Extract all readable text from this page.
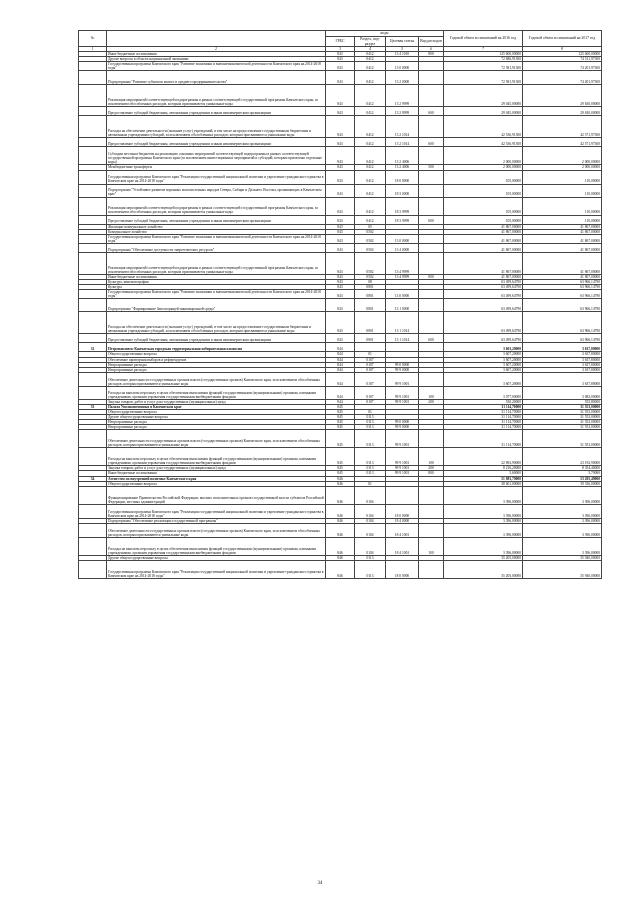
№		коды				Годовой объем ассигнований на 2016 год	Годовой объем ассигнований на 2017 год
		ГРБС	Раздел, под-раздел	Целевая статья	Вид расходов		
1	2	3	4	5	6	7	8
	Иные бюджетные ассигнования	843	0412	13 4 1010	800	125 600,00000	125 600,00000
	Другие вопросы в области национальной экономики	843	0412			72 686,91300	74 511,97300
	Государственная программа Камчатского края "Развитие экономики и внешнеэкономической деятельности Камчатского края на 2014-2018 годы"	843	0412	13 0 0000		72 581,91300	74 201,97300
	Подпрограмма "Развитие субъектов малого и среднего предпринимательства"	843	0412	13 2 0000		72 581,91300	74 201,97300
	Реализация мероприятий соответствующей подпрограммы в рамках соответствующей государственной программы Камчатского края, за исключением обособленных расходов, которым присваиваются уникальные коды	843	0412	13 2 9999		29 045,00000	29 630,00000
	Предоставление субсидий бюджетным, автономным учреждениям и иным некоммерческим организациям	843	0412	13 2 9999	600	29 045,00000	29 630,00000
	Расходы на обеспечение деятельности (оказание услуг) учреждений, в том числе на предоставление государственным бюджетным и автономным учреждениям субсидий, за исключением обособленных расходов, которым присваиваются уникальные коды	843	0412	13 2 1014		42 536,91300	42 571,97300
	Предоставление субсидий бюджетным, автономным учреждениям и иным некоммерческим организациям	843	0412	13 2 1014	600	42 536,91300	42 571,97300
	Субсидии местным бюджетам на реализацию основных мероприятий соответствующей подпрограммы в рамках соответствующей государственной программы Камчатского края (за исключением инвестиционных мероприятий и субсидий, которым присвоены отдельные коды)	843	0412	13 2 4006		2 000,00000	2 000,00000
	Межбюджетные трансферты	843	0412	13 2 4006	500	2 000,00000	2 000,00000
	Государственная программа Камчатского края "Реализация государственной национальной политики и укрепление гражданского единства в Камчатском крае на 2014-2018 годы"	843	0412	18 0 0000		105,00000	110,00000
	Подпрограмма "Устойчивое развитие коренных малочисленных народов Севера, Сибири и Дальнего Востока, проживающих в Камчатском крае"	843	0412	18 3 0000		105,00000	110,00000
	Реализация мероприятий соответствующей подпрограммы в рамках соответствующей государственной программы Камчатского края, за исключением обособленных расходов, которым присваиваются уникальные коды	843	0412	18 3 9999		105,00000	110,00000
	Предоставление субсидий бюджетным, автономным учреждениям и иным некоммерческим организациям	843	0412	18 3 9999	600	105,00000	110,00000
	Жилищно-коммунальное хозяйство	843	05			41 867,00000	41 867,00000
	Коммунальное хозяйство	843	0502			41 867,00000	41 867,00000
	Государственная программа Камчатского края "Развитие экономики и внешнеэкономической деятельности Камчатского края на 2014-2018 годы"	843	0502	13 0 0000		41 867,00000	41 867,00000
	Подпрограмма "Обеспечение доступности энергетических ресурсов"	843	0502	13 4 0000		41 867,00000	41 867,00000
	Реализация мероприятий соответствующей подпрограммы в рамках соответствующей государственной программы Камчатского края, за исключением обособленных расходов, которым присваиваются уникальные коды	843	0502	13 4 9999		41 867,00000	41 867,00000
	Иные бюджетные ассигнования	843	0502	13 4 9999	800	41 867,00000	41 867,00000
	Культура, кинематография	843	08			63 499,64790	63 966,14790
	Культура	843	0801			63 499,64790	63 966,14790
	Государственная программа Камчатского края "Развитие экономики и внешнеэкономической деятельности Камчатского края на 2014-2018 годы"	843	0801	13 0 0000		63 499,64790	63 966,14790
	Подпрограмма "Формирование Завоспорящей инновационной среды"	843	0801	13 1 0000		63 499,64790	63 966,14790
	Расходы на обеспечение деятельности (оказание услуг) учреждений, в том числе на предоставление государственным бюджетным и автономным учреждениям субсидий, за исключением обособленных расходов, которым присваиваются уникальные коды	843	0801	13 1 1014		63 499,64790	63 966,14790
	Предоставление субсидий бюджетным, автономным учреждениям и иным некоммерческим организациям	843	0801	13 1 1014	600	63 499,64790	63 966,14790
32	Петропавловск-Камчатская городская территориальная избирательная комиссия	844				3 603,20000	3 637,80000
	Общегосударственные вопросы	844	01			3 607,20000	3 637,80000
	Обеспечение проведения выборов и референдумов	844	0107			3 607,20000	3 637,80000
	Непрограммные расходы	844	0107	99 0 0000		3 607,20000	3 637,80000
	Непрограммные расходы	844	0107	99 9 0000		3 607,20000	3 637,80000
	Обеспечение деятельности государственных органов власти (государственных органов) Камчатского края, за исключением обособленных расходов, которым присваиваются уникальные коды	844	0107	99 9 1001		3 607,20000	3 637,80000
	Расходы на выплаты персоналу в целях обеспечения выполнения функций государственными (муниципальными) органами, казенными учреждениями, органами управления государственными внебюджетными фондами	844	0107	99 9 1001	100	3 077,00000	3 082,00000
	Закупка товаров, работ и услуг для государственных (муниципальных) нужд	844	0107	99 9 1001	200	530,20000	555,80000
33	Палата Уполномоченных в Камчатском крае	845				31 114,70000	31 553,00000
	Общегосударственные вопросы	845	01			31 114,70000	31 553,00000
	Другие общегосударственные вопросы	845	0113			31 114,70000	31 553,00000
	Непрограммные расходы	845	0113	99 0 0000		31 114,70000	31 553,00000
	Непрограммные расходы	845	0113	99 9 0000		31 114,70000	31 553,00000
	Обеспечение деятельности государственных органов власти (государственных органов) Камчатского края, за исключением обособленных расходов, которым присваиваются уникальные коды	845	0113	99 9 1001		31 114,70000	31 553,00000
	Расходы на выплаты персоналу в целях обеспечения выполнения функций государственными (муниципальными) органами, казенными учреждениями, органами управления государственными внебюджетными фондами	845	0113	99 9 1001	100	22 892,90000	23 192,90000
	Закупка товаров, работ и услуг для государственных (муниципальных) нужд	845	0113	99 9 1001	200	8 216,20000	8 354,40000
	Иные бюджетные ассигнования	845	0113	99 9 1001	800	5,60000	5,70000
34	Агентство по внутренней политике Камчатского края	846				51 083,70000	53 205,49000
	Общегосударственные вопросы	846	01			38 601,00000	39 336,00000
	Функционирование Правительства Российской Федерации, высших исполнительных органов государственной власти субъектов Российской Федерации, местных администраций	846	0104			3 396,00000	3 396,00000
	Государственная программа Камчатского края "Реализация государственной национальной политики и укрепление гражданского единства в Камчатском крае на 2014-2018 годы"	846	0104	18 0 0000		3 396,00000	3 396,00000
	Подпрограмма "Обеспечение реализации государственной программы"	846	0104	18 4 0000		3 396,00000	3 396,00000
	Обеспечение деятельности государственных органов власти (государственных органов) Камчатского края, за исключением обособленных расходов, которым присваиваются уникальные коды	846	0104	18 4 1001		3 396,00000	3 396,00000
	Расходы на выплаты персоналу в целях обеспечения выполнения функций государственными (муниципальными) органами, казенными учреждениями, органами управления государственными внебюджетными фондами	846	0104	18 4 1001	100	3 396,00000	3 396,00000
	Другие общегосударственные вопросы	846	0113			35 205,00000	35 940,00000
	Государственная программа Камчатского края "Реализация государственной национальной политики и укрепление гражданского единства в Камчатском крае на 2014-2018 годы"	846	0113	18 0 0000		35 205,00000	35 940,00000
34
